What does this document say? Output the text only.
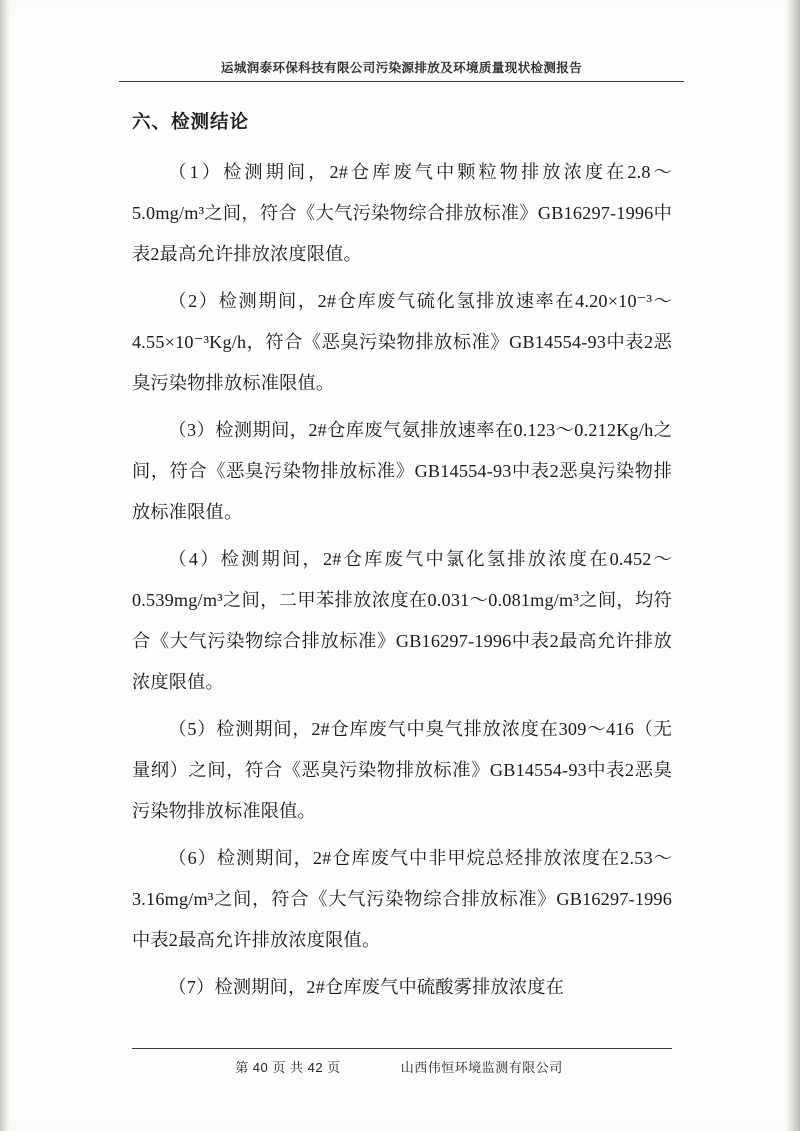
运城润泰环保科技有限公司污染源排放及环境质量现状检测报告
六、检测结论

（1）检测期间，2#仓库废气中颗粒物排放浓度在2.8～5.0mg/m³之间，符合《大气污染物综合排放标准》GB16297-1996中表2最高允许排放浓度限值。

（2）检测期间，2#仓库废气硫化氢排放速率在4.20×10⁻³～4.55×10⁻³Kg/h，符合《恶臭污染物排放标准》GB14554-93中表2恶臭污染物排放标准限值。

（3）检测期间，2#仓库废气氨排放速率在0.123～0.212Kg/h之间，符合《恶臭污染物排放标准》GB14554-93中表2恶臭污染物排放标准限值。

（4）检测期间，2#仓库废气中氯化氢排放浓度在0.452～0.539mg/m³之间，二甲苯排放浓度在0.031～0.081mg/m³之间，均符合《大气污染物综合排放标准》GB16297-1996中表2最高允许排放浓度限值。

（5）检测期间，2#仓库废气中臭气排放浓度在309～416（无量纲）之间，符合《恶臭污染物排放标准》GB14554-93中表2恶臭污染物排放标准限值。

（6）检测期间，2#仓库废气中非甲烷总烃排放浓度在2.53～3.16mg/m³之间，符合《大气污染物综合排放标准》GB16297-1996中表2最高允许排放浓度限值。

（7）检测期间，2#仓库废气中硫酸雾排放浓度在

第 40 页 共 42 页	山西伟恒环境监测有限公司
